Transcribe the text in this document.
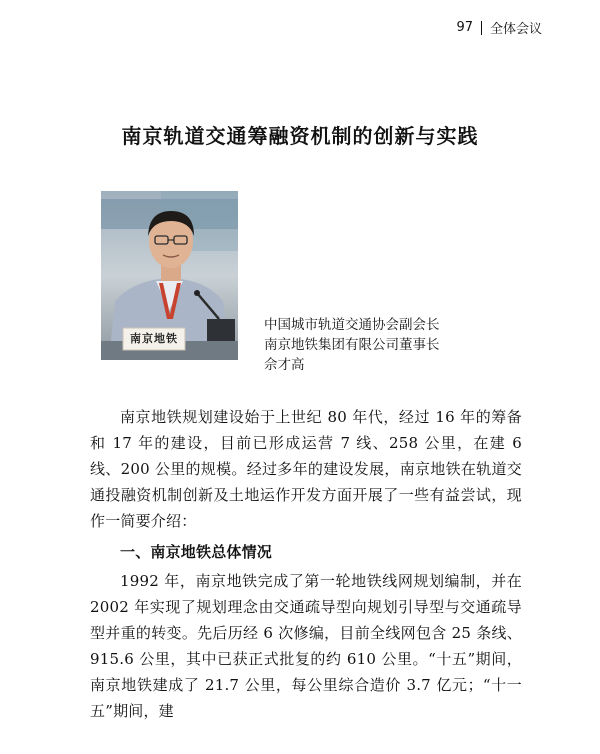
97 全体会议
南京轨道交通筹融资机制的创新与实践
南京地铁
中国城市轨道交通协会副会长
南京地铁集团有限公司董事长
佘才高

南京地铁规划建设始于上世纪 80 年代，经过 16 年的筹备和 17 年的建设，目前已形成运营 7 线、258 公里，在建 6 线、200 公里的规模。经过多年的建设发展，南京地铁在轨道交通投融资机制创新及土地运作开发方面开展了一些有益尝试，现作一简要介绍：

一、南京地铁总体情况

1992 年，南京地铁完成了第一轮地铁线网规划编制，并在 2002 年实现了规划理念由交通疏导型向规划引导型与交通疏导型并重的转变。先后历经 6 次修编，目前全线网包含 25 条线、915.6 公里，其中已获正式批复的约 610 公里。“十五”期间，南京地铁建成了 21.7 公里，每公里综合造价 3.7 亿元；“十一五”期间，建
